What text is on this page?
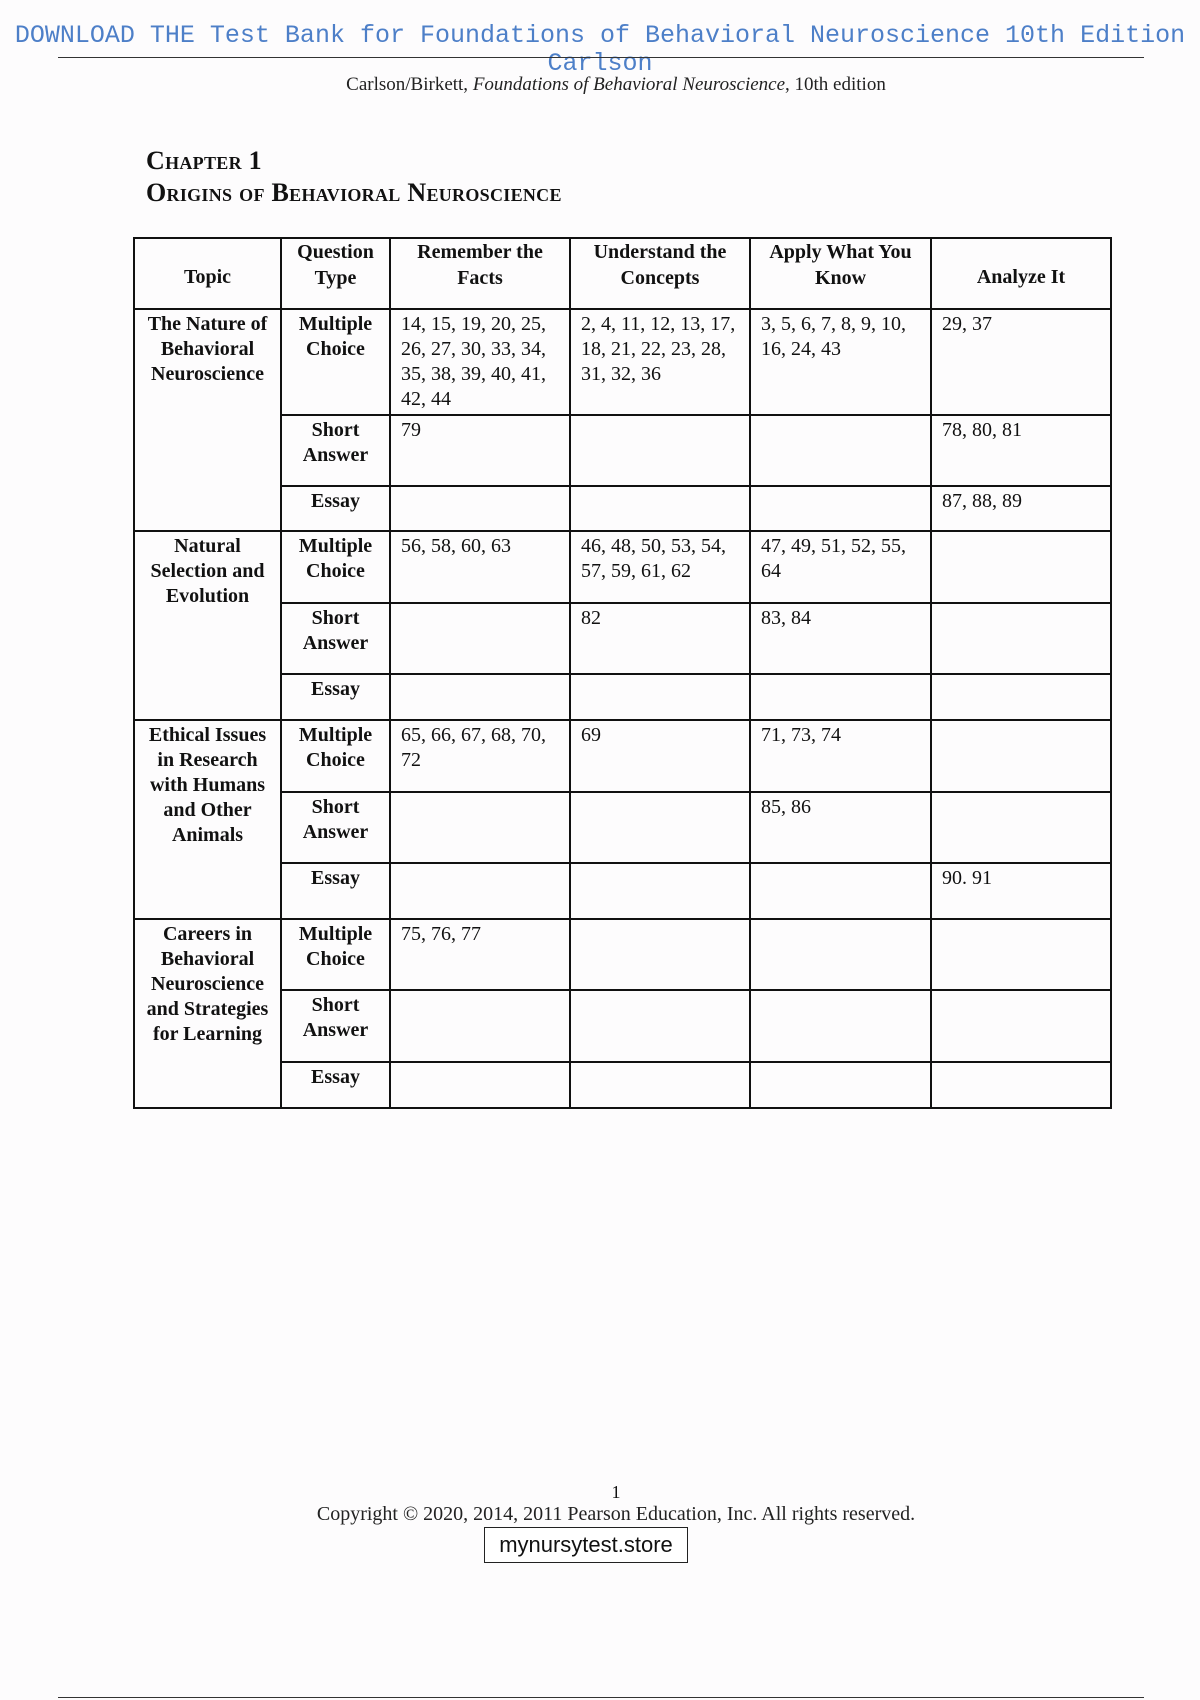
DOWNLOAD THE Test Bank for Foundations of Behavioral Neuroscience 10th Edition Carlson
Carlson/Birkett, Foundations of Behavioral Neuroscience, 10th edition
Chapter 1
Origins of Behavioral Neuroscience
Topic	Question Type	Remember the Facts	Understand the Concepts	Apply What You Know	Analyze It
The Nature of Behavioral Neuroscience	Multiple Choice	14, 15, 19, 20, 25, 26, 27, 30, 33, 34, 35, 38, 39, 40, 41, 42, 44	2, 4, 11, 12, 13, 17, 18, 21, 22, 23, 28, 31, 32, 36	3, 5, 6, 7, 8, 9, 10, 16, 24, 43	29, 37
	Short Answer	79			78, 80, 81
	Essay				87, 88, 89
Natural Selection and Evolution	Multiple Choice	56, 58, 60, 63	46, 48, 50, 53, 54, 57, 59, 61, 62	47, 49, 51, 52, 55, 64	
	Short Answer		82	83, 84	
	Essay				
Ethical Issues in Research with Humans and Other Animals	Multiple Choice	65, 66, 67, 68, 70, 72	69	71, 73, 74	
	Short Answer			85, 86	
	Essay				90. 91
Careers in Behavioral Neuroscience and Strategies for Learning	Multiple Choice	75, 76, 77			
	Short Answer				
	Essay				
1
Copyright © 2020, 2014, 2011 Pearson Education, Inc. All rights reserved.
mynursytest.store
